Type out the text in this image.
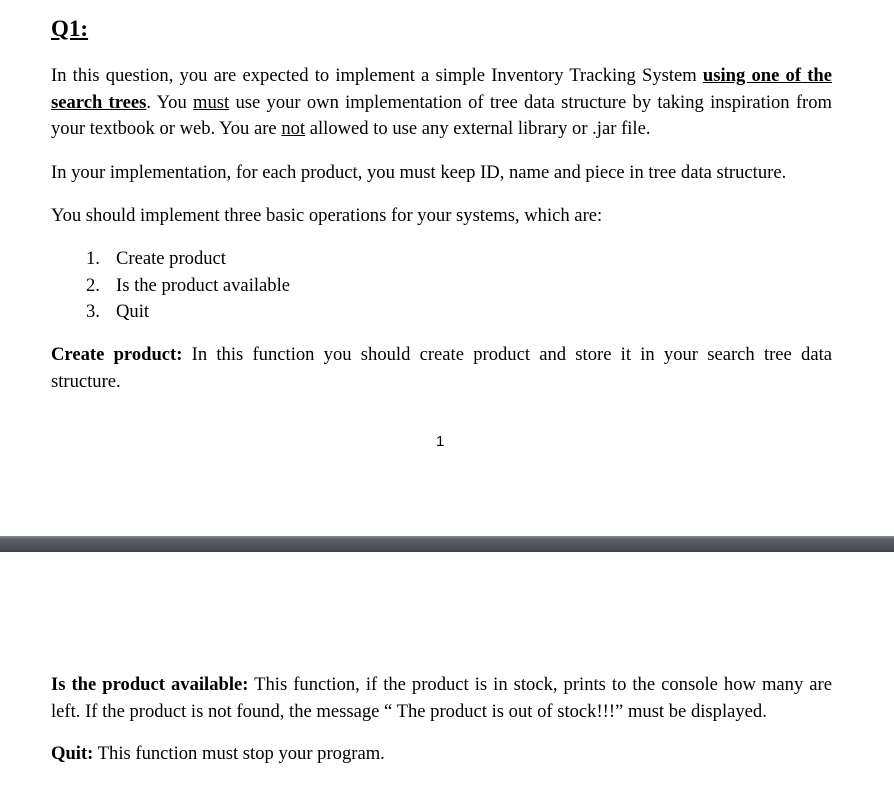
Q1:

In this question, you are expected to implement a simple Inventory Tracking System using one of the search trees. You must use your own implementation of tree data structure by taking inspiration from your textbook or web. You are not allowed to use any external library or .jar file.

In your implementation, for each product, you must keep ID, name and piece in tree data structure.

You should implement three basic operations for your systems, which are:

1. Create product
2. Is the product available
3. Quit

Create product: In this function you should create product and store it in your search tree data structure.

1

Is the product available: This function, if the product is in stock, prints to the console how many are left. If the product is not found, the message “ The product is out of stock!!!” must be displayed.

Quit: This function must stop your program.
